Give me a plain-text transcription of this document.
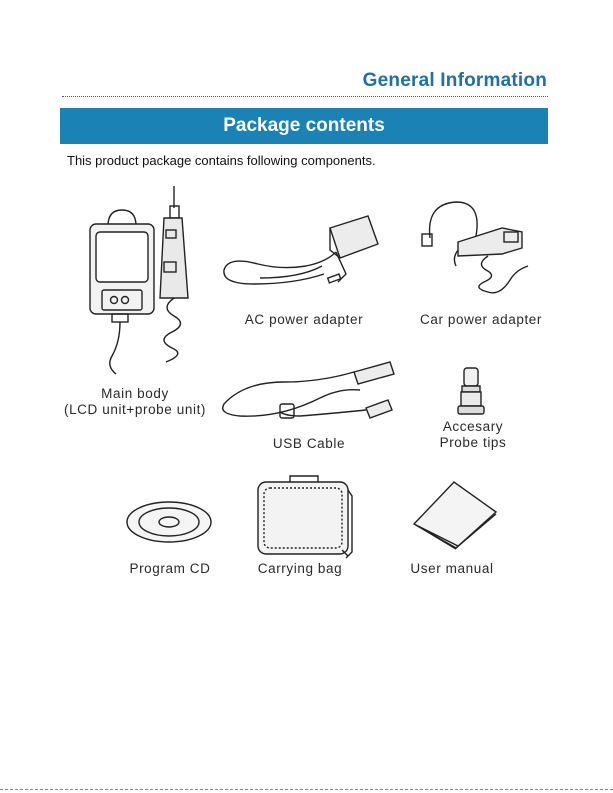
General Information
Package contents
This product package contains following components.
Main body
(LCD unit+probe unit)
AC power adapter	Car power adapter
USB Cable
Accesary
Probe tips
Program CD	Carrying bag	User manual
